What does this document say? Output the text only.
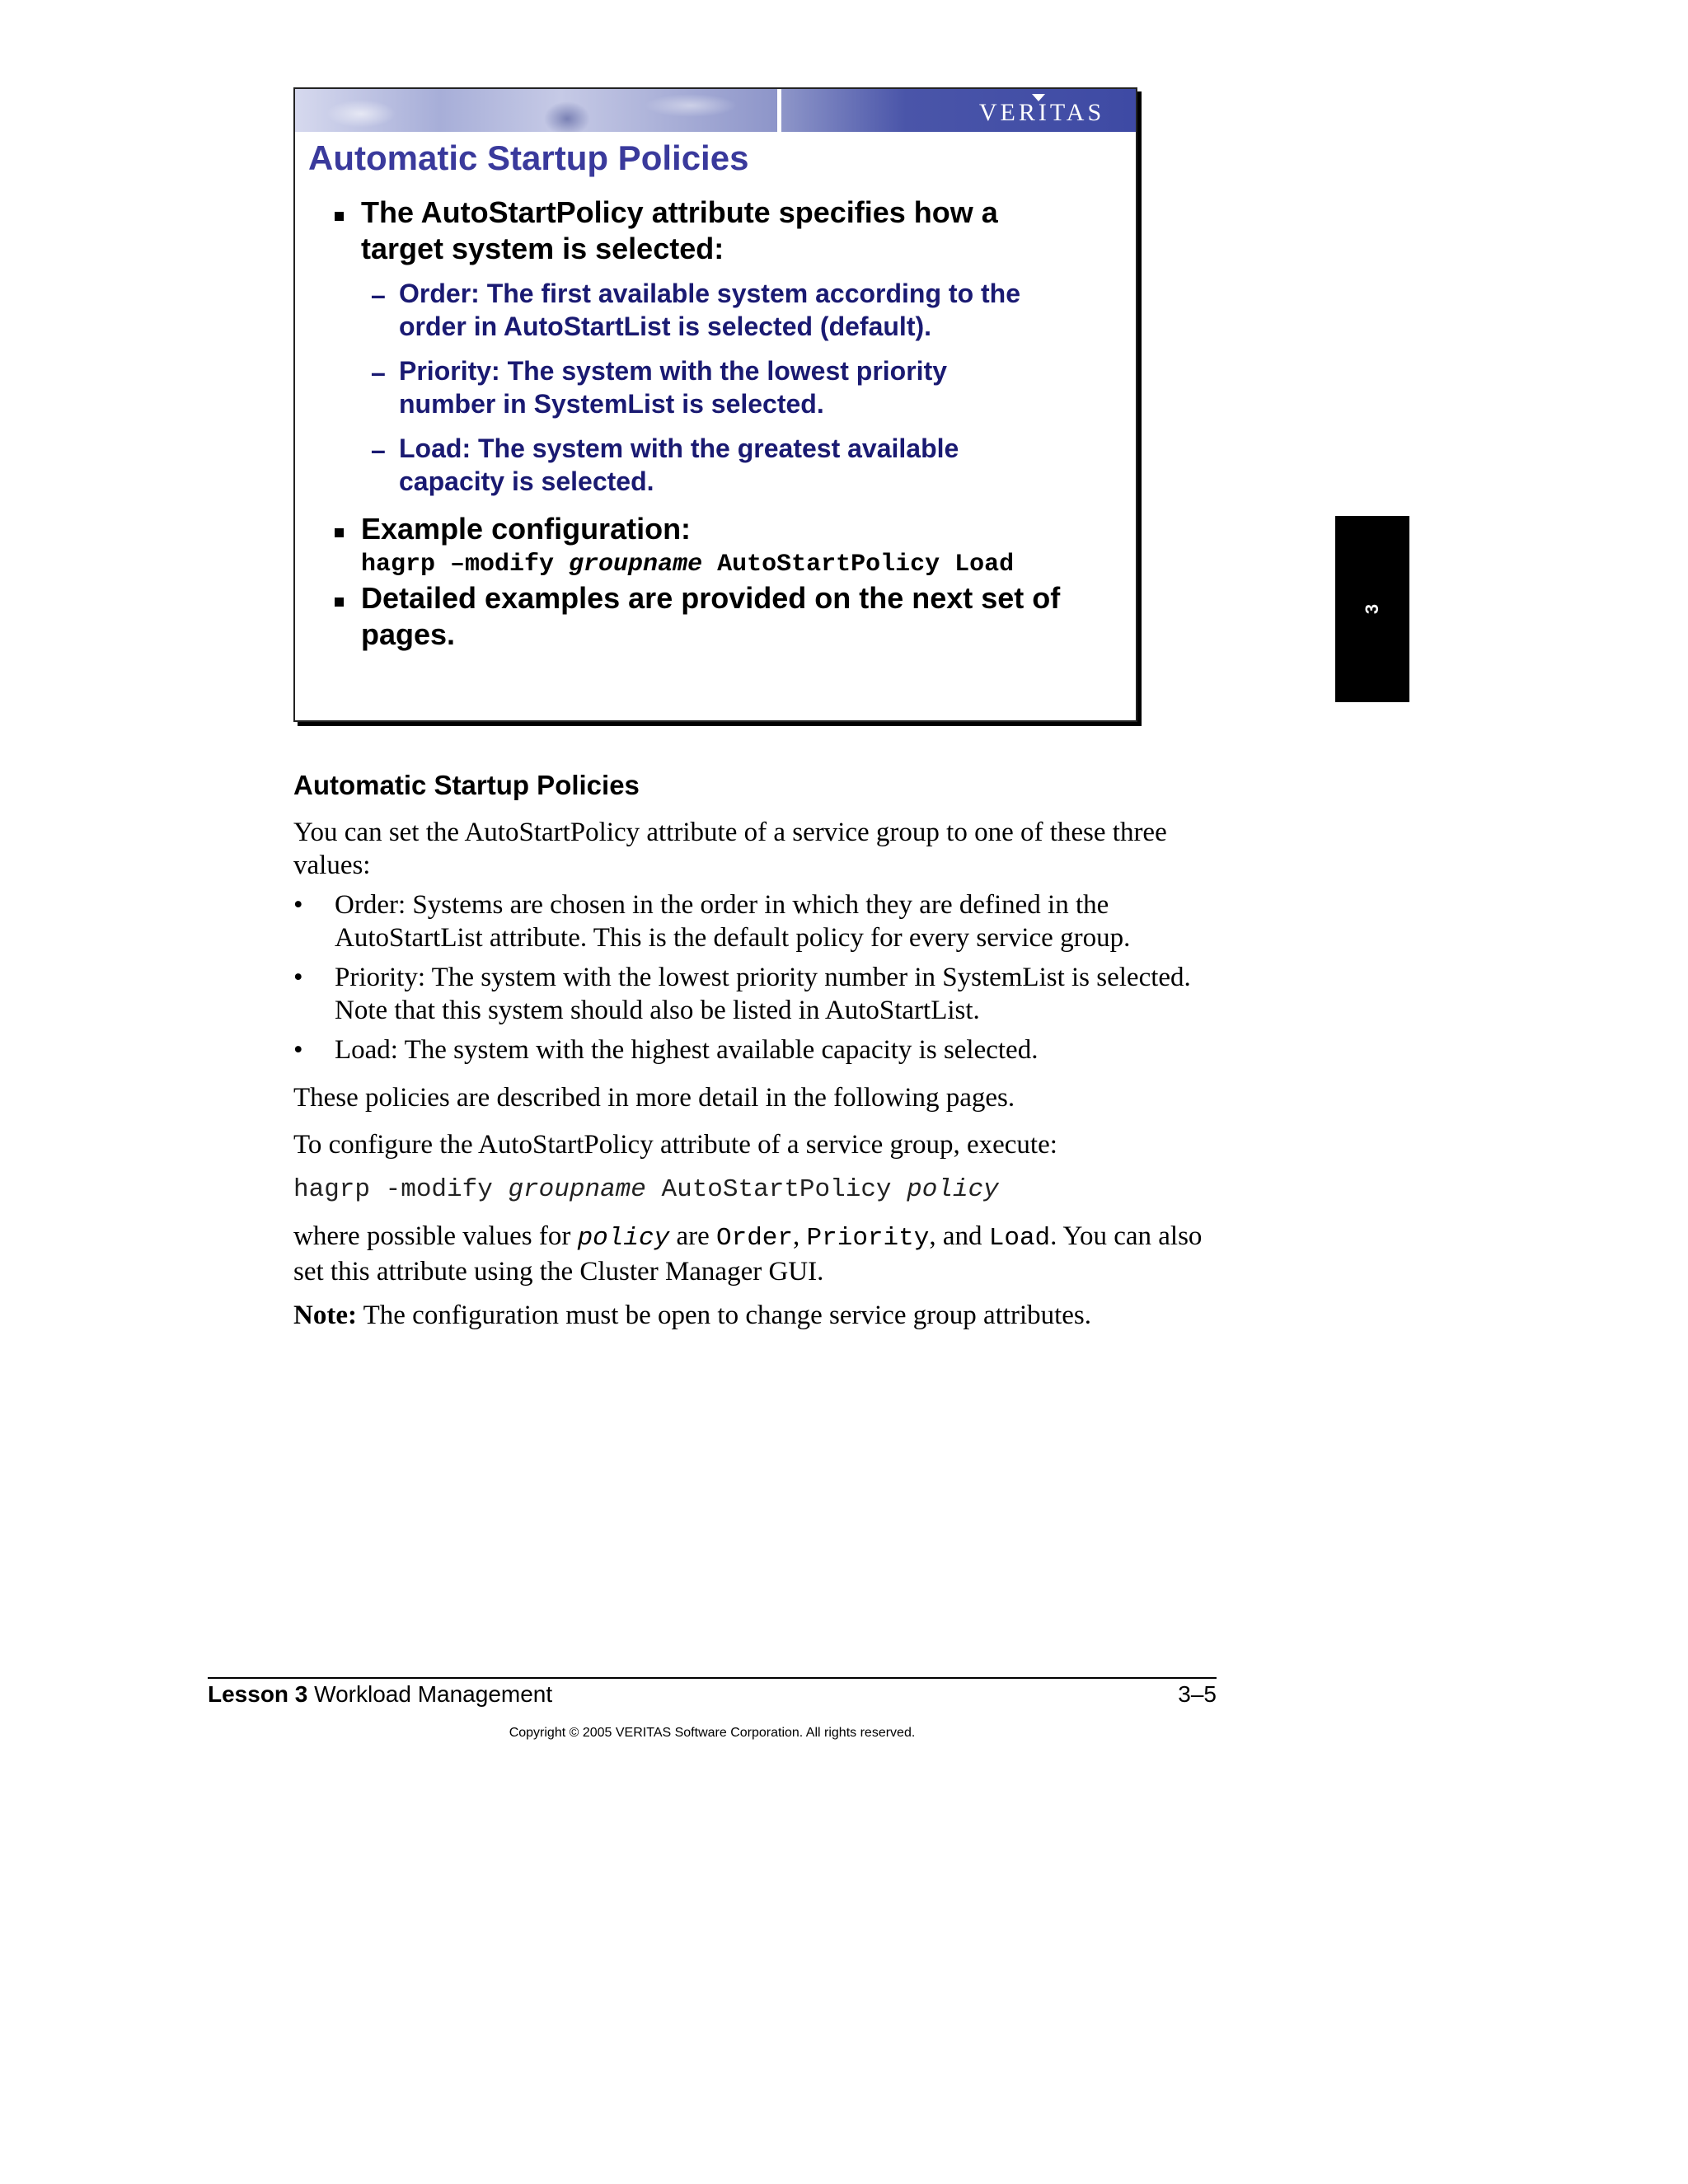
VERITAS
Automatic Startup Policies
The AutoStartPolicy attribute specifies how a
target system is selected:
– Order: The first available system according to the
order in AutoStartList is selected (default).
– Priority: The system with the lowest priority
number in SystemList is selected.
– Load: The system with the greatest available
capacity is selected.
Example configuration:
hagrp –modify groupname AutoStartPolicy Load
Detailed examples are provided on the next set of
pages.
3
Automatic Startup Policies
You can set the AutoStartPolicy attribute of a service group to one of these three values:
• Order: Systems are chosen in the order in which they are defined in the AutoStartList attribute. This is the default policy for every service group.
• Priority: The system with the lowest priority number in SystemList is selected. Note that this system should also be listed in AutoStartList.
• Load: The system with the highest available capacity is selected.
These policies are described in more detail in the following pages.
To configure the AutoStartPolicy attribute of a service group, execute:
hagrp -modify groupname AutoStartPolicy policy
where possible values for policy are Order, Priority, and Load. You can also set this attribute using the Cluster Manager GUI.
Note: The configuration must be open to change service group attributes.
Lesson 3 Workload Management	3–5
Copyright © 2005 VERITAS Software Corporation. All rights reserved.
